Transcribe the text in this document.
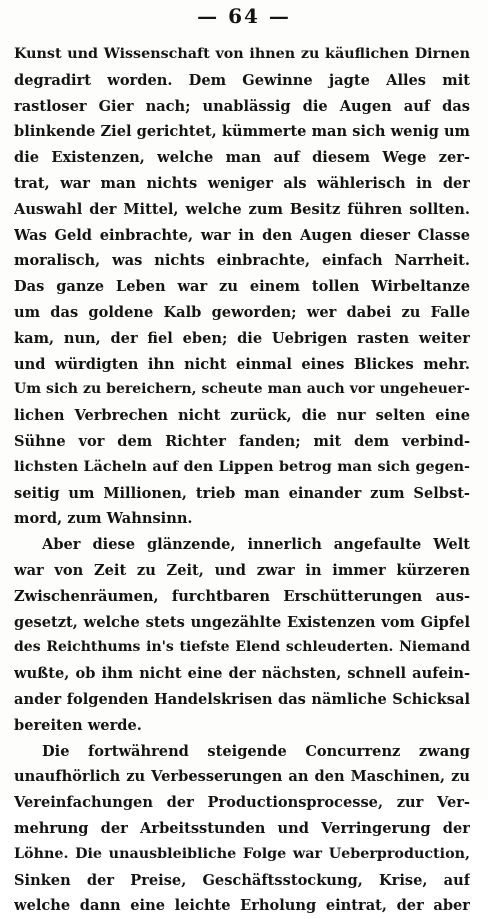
— 64 —
Kunst und Wissenschaft von ihnen zu käuflichen Dirnen
degradirt worden. Dem Gewinne jagte Alles mit
rastloser Gier nach; unablässig die Augen auf das
blinkende Ziel gerichtet, kümmerte man sich wenig um
die Existenzen, welche man auf diesem Wege zer-
trat, war man nichts weniger als wählerisch in der
Auswahl der Mittel, welche zum Besitz führen sollten.
Was Geld einbrachte, war in den Augen dieser Classe
moralisch, was nichts einbrachte, einfach Narrheit.
Das ganze Leben war zu einem tollen Wirbeltanze
um das goldene Kalb geworden; wer dabei zu Falle
kam, nun, der fiel eben; die Uebrigen rasten weiter
und würdigten ihn nicht einmal eines Blickes mehr.
Um sich zu bereichern, scheute man auch vor ungeheuer-
lichen Verbrechen nicht zurück, die nur selten eine
Sühne vor dem Richter fanden; mit dem verbind-
lichsten Lächeln auf den Lippen betrog man sich gegen-
seitig um Millionen, trieb man einander zum Selbst-
mord, zum Wahnsinn.
Aber diese glänzende, innerlich angefaulte Welt
war von Zeit zu Zeit, und zwar in immer kürzeren
Zwischenräumen, furchtbaren Erschütterungen aus-
gesetzt, welche stets ungezählte Existenzen vom Gipfel
des Reichthums in's tiefste Elend schleuderten. Niemand
wußte, ob ihm nicht eine der nächsten, schnell aufein-
ander folgenden Handelskrisen das nämliche Schicksal
bereiten werde.
Die fortwährend steigende Concurrenz zwang
unaufhörlich zu Verbesserungen an den Maschinen, zu
Vereinfachungen der Productionsprocesse, zur Ver-
mehrung der Arbeitsstunden und Verringerung der
Löhne. Die unausbleibliche Folge war Ueberproduction,
Sinken der Preise, Geschäftsstockung, Krise, auf
welche dann eine leichte Erholung eintrat, der aber
